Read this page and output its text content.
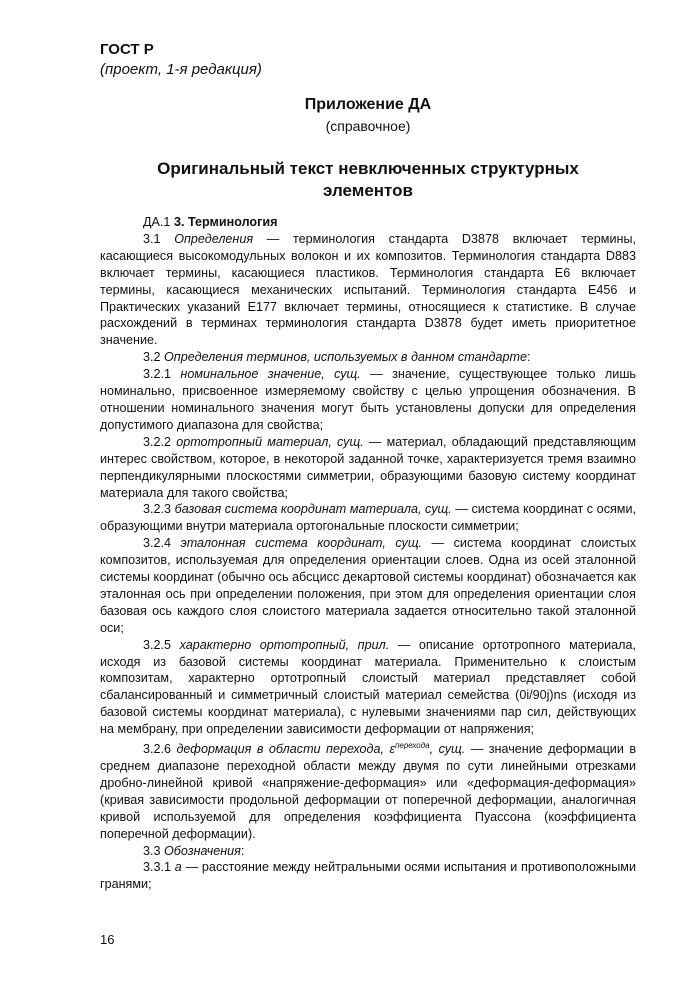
ГОСТ Р
(проект, 1-я редакция)
Приложение ДА
(справочное)
Оригинальный текст невключенных структурных
элементов

ДА.1 3. Терминология

3.1 Определения — терминология стандарта D3878 включает термины, касающиеся высокомодульных волокон и их композитов. Терминология стандарта D883 включает термины, касающиеся пластиков. Терминология стандарта Е6 включает термины, касающиеся механических испытаний. Терминология стандарта Е456 и Практических указаний Е177 включает термины, относящиеся к статистике. В случае расхождений в терминах терминология стандарта D3878 будет иметь приоритетное значение.

3.2 Определения терминов, используемых в данном стандарте:

3.2.1 номинальное значение, сущ. — значение, существующее только лишь номинально, присвоенное измеряемому свойству с целью упрощения обозначения. В отношении номинального значения могут быть установлены допуски для определения допустимого диапазона для свойства;

3.2.2 ортотропный материал, сущ. — материал, обладающий представляющим интерес свойством, которое, в некоторой заданной точке, характеризуется тремя взаимно перпендикулярными плоскостями симметрии, образующими базовую систему координат материала для такого свойства;

3.2.3 базовая система координат материала, сущ. — система координат с осями, образующими внутри материала ортогональные плоскости симметрии;

3.2.4 эталонная система координат, сущ. — система координат слоистых композитов, используемая для определения ориентации слоев. Одна из осей эталонной системы координат (обычно ось абсцисс декартовой системы координат) обозначается как эталонная ось при определении положения, при этом для определения ориентации слоя базовая ось каждого слоя слоистого материала задается относительно такой эталонной оси;

3.2.5 характерно ортотропный, прил. — описание ортотропного материала, исходя из базовой системы координат материала. Применительно к слоистым композитам, характерно ортотропный слоистый материал представляет собой сбалансированный и симметричный слоистый материал семейства (0i/90j)ns (исходя из базовой системы координат материала), с нулевыми значениями пар сил, действующих на мембрану, при определении зависимости деформации от напряжения;

3.2.6 деформация в области перехода, $\varepsilon^{перехода}$, сущ. — значение деформации в среднем диапазоне переходной области между двумя по сути линейными отрезками дробно-линейной кривой «напряжение-деформация» или «деформация-деформация» (кривая зависимости продольной деформации от поперечной деформации, аналогичная кривой используемой для определения коэффициента Пуассона (коэффициента поперечной деформации).

3.3 Обозначения:

3.3.1 a — расстояние между нейтральными осями испытания и противоположными гранями;

16
